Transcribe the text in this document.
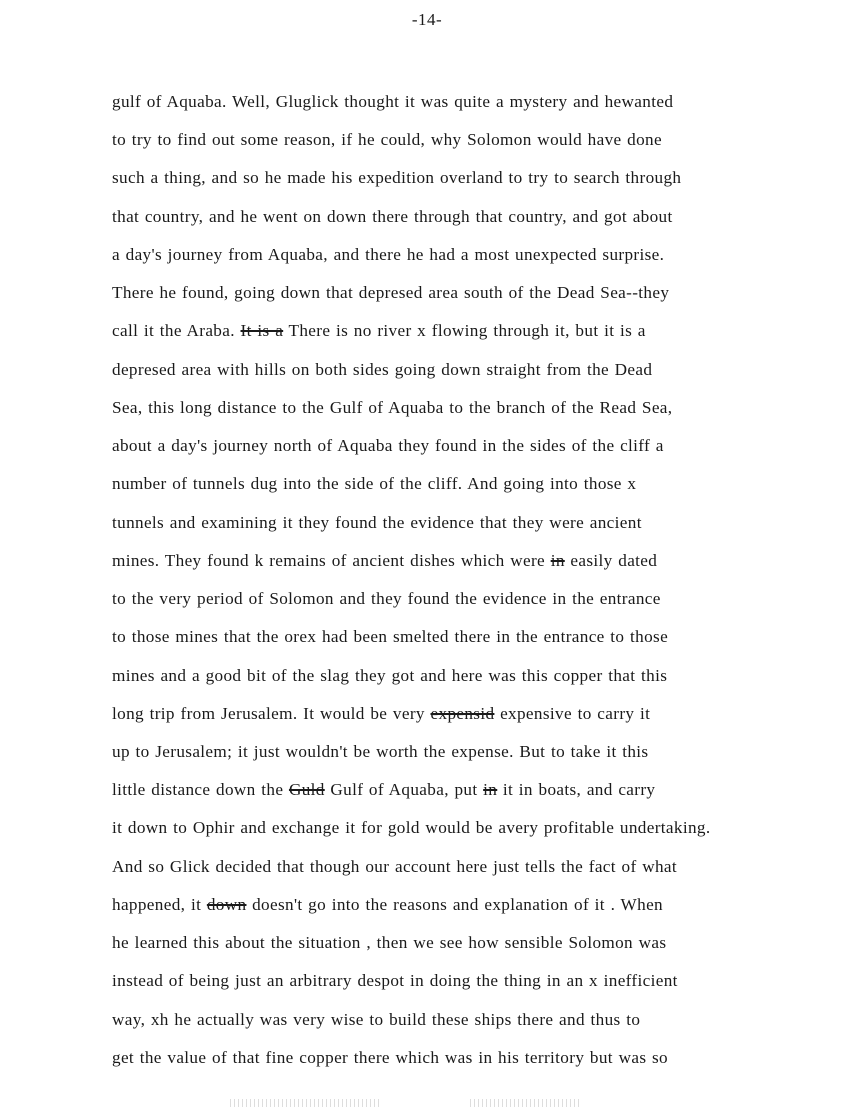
-14-
gulf of Aquaba. Well, Gluglick thought it was quite a mystery and hewanted
to try to find out some reason, if he could, why Solomon would have done
such a thing, and so he made his expedition overland to try to search through
that country, and he went on down there through that country, and got about
a day's journey from Aquaba, and there he had a most unexpected surprise.
There he found, going down that depresed area south of the Dead Sea--they
call it the Araba. It is a There is no river x flowing through it, but it is a
depresed area with hills on both sides going down straight from the Dead
Sea, this long distance to the Gulf of Aquaba to the branch of the Read Sea,
about a day's journey north of Aquaba they found in the sides of the cliff a
number of tunnels dug into the side of the cliff. And going into those x
tunnels and examining it they found the evidence that they were ancient
mines. They found k remains of ancient dishes which were in easily dated
to the very period of Solomon and they found the evidence in the entrance
to those mines that the orex had been smelted there in the entrance to those
mines and a good bit of the slag they got and here was this copper that this
long trip from Jerusalem. It would be very expensid expensive to carry it
up to Jerusalem; it just wouldn't be worth the expense. But to take it this
little distance down the Guld Gulf of Aquaba, put in it in boats, and carry
it down to Ophir and exchange it for gold would be avery profitable undertaking.
And so Glick decided that though our account here just tells the fact of what
happened, it down doesn't go into the reasons and explanation of it . When
he learned this about the situation , then we see how sensible Solomon was
instead of being just an arbitrary despot in doing the thing in an x inefficient
way, xh he actually was very wise to build these ships there and thus to
get the value of that fine copper there which was in his territory but was so
